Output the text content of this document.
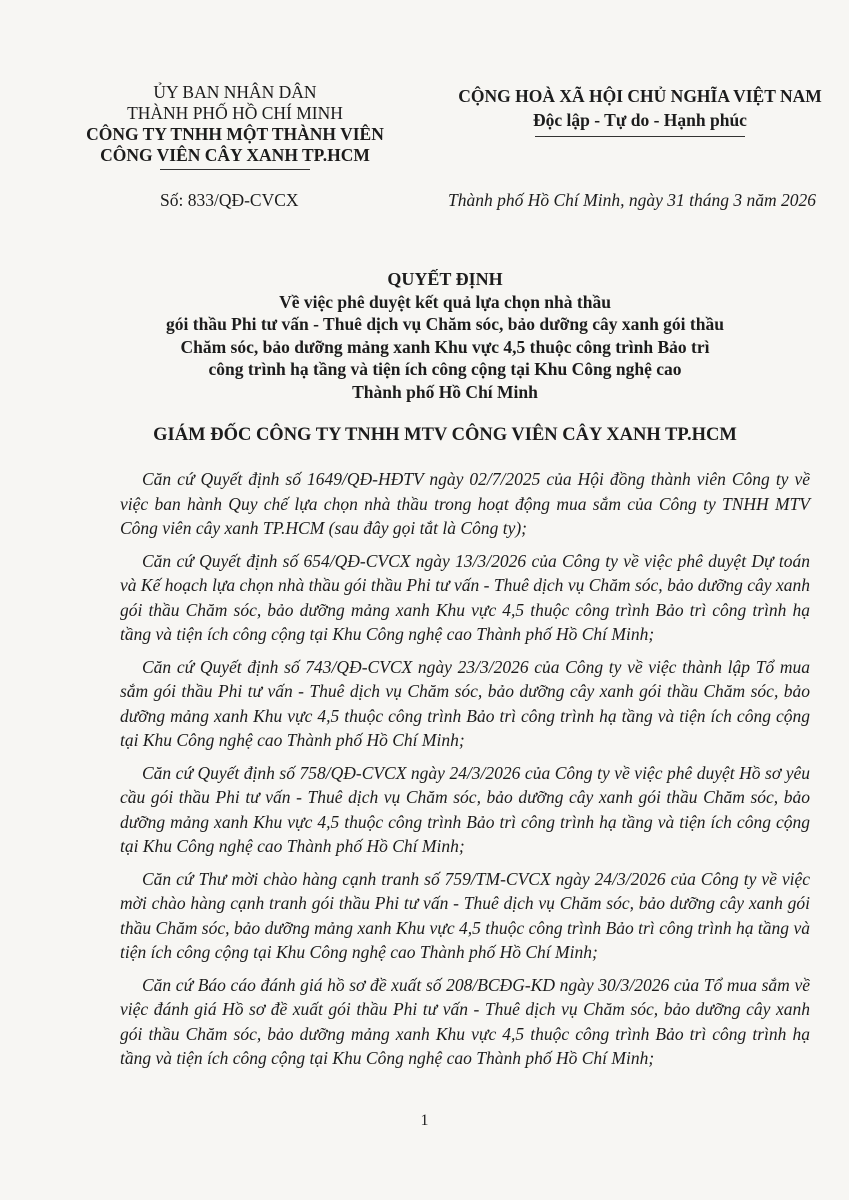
ỦY BAN NHÂN DÂN
THÀNH PHỐ HỒ CHÍ MINH
CÔNG TY TNHH MỘT THÀNH VIÊN
CÔNG VIÊN CÂY XANH TP.HCM
CỘNG HOÀ XÃ HỘI CHỦ NGHĨA VIỆT NAM
Độc lập - Tự do - Hạnh phúc
Số: 833/QĐ-CVCX	Thành phố Hồ Chí Minh, ngày 31 tháng 3 năm 2026
QUYẾT ĐỊNH
Về việc phê duyệt kết quả lựa chọn nhà thầu
gói thầu Phi tư vấn - Thuê dịch vụ Chăm sóc, bảo dưỡng cây xanh gói thầu
Chăm sóc, bảo dưỡng mảng xanh Khu vực 4,5 thuộc công trình Bảo trì
công trình hạ tầng và tiện ích công cộng tại Khu Công nghệ cao
Thành phố Hồ Chí Minh
GIÁM ĐỐC CÔNG TY TNHH MTV CÔNG VIÊN CÂY XANH TP.HCM

Căn cứ Quyết định số 1649/QĐ-HĐTV ngày 02/7/2025 của Hội đồng thành viên Công ty về việc ban hành Quy chế lựa chọn nhà thầu trong hoạt động mua sắm của Công ty TNHH MTV Công viên cây xanh TP.HCM (sau đây gọi tắt là Công ty);

Căn cứ Quyết định số 654/QĐ-CVCX ngày 13/3/2026 của Công ty về việc phê duyệt Dự toán và Kế hoạch lựa chọn nhà thầu gói thầu Phi tư vấn - Thuê dịch vụ Chăm sóc, bảo dưỡng cây xanh gói thầu Chăm sóc, bảo dưỡng mảng xanh Khu vực 4,5 thuộc công trình Bảo trì công trình hạ tầng và tiện ích công cộng tại Khu Công nghệ cao Thành phố Hồ Chí Minh;

Căn cứ Quyết định số 743/QĐ-CVCX ngày 23/3/2026 của Công ty về việc thành lập Tổ mua sắm gói thầu Phi tư vấn - Thuê dịch vụ Chăm sóc, bảo dưỡng cây xanh gói thầu Chăm sóc, bảo dưỡng mảng xanh Khu vực 4,5 thuộc công trình Bảo trì công trình hạ tầng và tiện ích công cộng tại Khu Công nghệ cao Thành phố Hồ Chí Minh;

Căn cứ Quyết định số 758/QĐ-CVCX ngày 24/3/2026 của Công ty về việc phê duyệt Hồ sơ yêu cầu gói thầu Phi tư vấn - Thuê dịch vụ Chăm sóc, bảo dưỡng cây xanh gói thầu Chăm sóc, bảo dưỡng mảng xanh Khu vực 4,5 thuộc công trình Bảo trì công trình hạ tầng và tiện ích công cộng tại Khu Công nghệ cao Thành phố Hồ Chí Minh;

Căn cứ Thư mời chào hàng cạnh tranh số 759/TM-CVCX ngày 24/3/2026 của Công ty về việc mời chào hàng cạnh tranh gói thầu Phi tư vấn - Thuê dịch vụ Chăm sóc, bảo dưỡng cây xanh gói thầu Chăm sóc, bảo dưỡng mảng xanh Khu vực 4,5 thuộc công trình Bảo trì công trình hạ tầng và tiện ích công cộng tại Khu Công nghệ cao Thành phố Hồ Chí Minh;

Căn cứ Báo cáo đánh giá hồ sơ đề xuất số 208/BCĐG-KD ngày 30/3/2026 của Tổ mua sắm về việc đánh giá Hồ sơ đề xuất gói thầu Phi tư vấn - Thuê dịch vụ Chăm sóc, bảo dưỡng cây xanh gói thầu Chăm sóc, bảo dưỡng mảng xanh Khu vực 4,5 thuộc công trình Bảo trì công trình hạ tầng và tiện ích công cộng tại Khu Công nghệ cao Thành phố Hồ Chí Minh;

1
